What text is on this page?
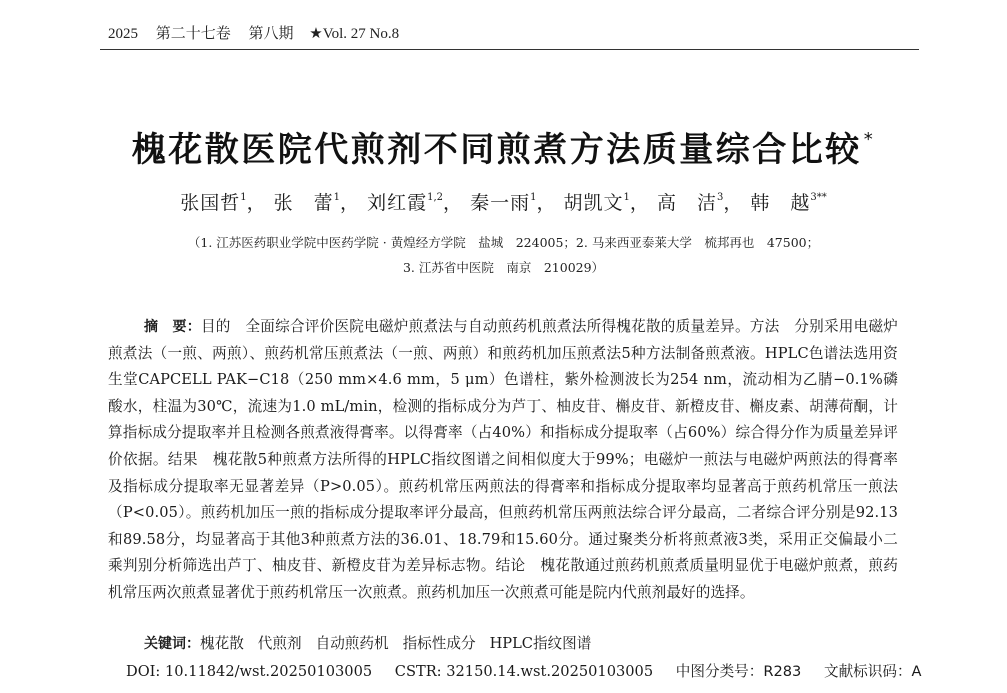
2025 第二十七卷 第八期 ★Vol. 27 No.8
槐花散医院代煎剂不同煎煮方法质量综合比较 *
张国哲$^1$， 张　蕾$^1$， 刘红霞$^{1,2}$， 秦一雨$^1$， 胡凯文$^1$， 高　洁$^3$， 韩　越$^{3**}$
（1. 江苏医药职业学院中医药学院 · 黄煌经方学院　盐城　224005；2. 马来西亚泰莱大学　梳邦再也　47500；
3. 江苏省中医院　南京　210029）

摘　要：目的　全面综合评价医院电磁炉煎煮法与自动煎药机煎煮法所得槐花散的质量差异。方法　分别采用电磁炉煎煮法（一煎、两煎）、煎药机常压煎煮法（一煎、两煎）和煎药机加压煎煮法5种方法制备煎煮液。HPLC色谱法选用资生堂CAPCELL PAK−C18（250 mm×4.6 mm，5 μm）色谱柱，紫外检测波长为254 nm，流动相为乙腈−0.1%磷酸水，柱温为30℃，流速为1.0 mL/min，检测的指标成分为芦丁、柚皮苷、槲皮苷、新橙皮苷、槲皮素、胡薄荷酮，计算指标成分提取率并且检测各煎煮液得膏率。以得膏率（占40%）和指标成分提取率（占60%）综合得分作为质量差异评价依据。结果　槐花散5种煎煮方法所得的HPLC指纹图谱之间相似度大于99%；电磁炉一煎法与电磁炉两煎法的得膏率及指标成分提取率无显著差异（P>0.05）。煎药机常压两煎法的得膏率和指标成分提取率均显著高于煎药机常压一煎法（P<0.05）。煎药机加压一煎的指标成分提取率评分最高，但煎药机常压两煎法综合评分最高，二者综合评分别是92.13和89.58分，均显著高于其他3种煎煮方法的36.01、18.79和15.60分。通过聚类分析将煎煮液3类，采用正交偏最小二乘判别分析筛选出芦丁、柚皮苷、新橙皮苷为差异标志物。结论　槐花散通过煎药机煎煮质量明显优于电磁炉煎煮，煎药机常压两次煎煮显著优于煎药机常压一次煎煮。煎药机加压一次煎煮可能是院内代煎剂最好的选择。

关键词：槐花散 代煎剂 自动煎药机 指标性成分 HPLC指纹图谱
DOI: 10.11842/wst.20250103005 CSTR: 32150.14.wst.20250103005 中图分类号：R283 文献标识码：A
